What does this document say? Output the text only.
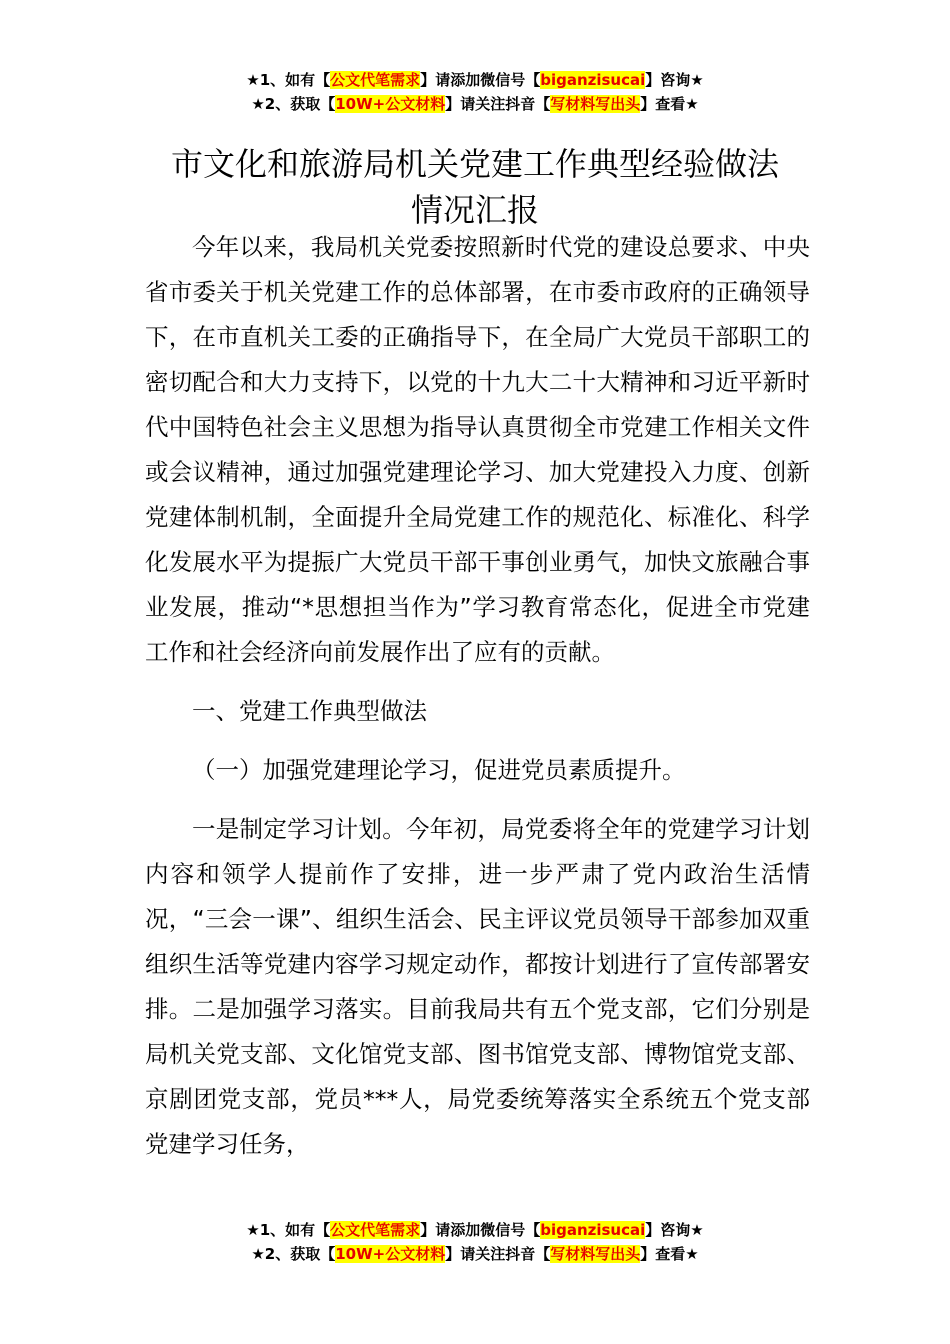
★1、如有【公文代笔需求】请添加微信号【biganzisucai】咨询★
★2、获取【10W+公文材料】请关注抖音【写材料写出头】查看★
市文化和旅游局机关党建工作典型经验做法
情况汇报

今年以来，我局机关党委按照新时代党的建设总要求、中央省市委关于机关党建工作的总体部署，在市委市政府的正确领导下，在市直机关工委的正确指导下，在全局广大党员干部职工的密切配合和大力支持下，以党的十九大二十大精神和习近平新时代中国特色社会主义思想为指导认真贯彻全市党建工作相关文件或会议精神，通过加强党建理论学习、加大党建投入力度、创新党建体制机制，全面提升全局党建工作的规范化、标准化、科学化发展水平为提振广大党员干部干事创业勇气，加快文旅融合事业发展，推动“*思想担当作为”学习教育常态化，促进全市党建工作和社会经济向前发展作出了应有的贡献。

一、党建工作典型做法

（一）加强党建理论学习，促进党员素质提升。

一是制定学习计划。今年初，局党委将全年的党建学习计划内容和领学人提前作了安排，进一步严肃了党内政治生活情况，“三会一课”、组织生活会、民主评议党员领导干部参加双重组织生活等党建内容学习规定动作，都按计划进行了宣传部署安排。二是加强学习落实。目前我局共有五个党支部，它们分别是局机关党支部、文化馆党支部、图书馆党支部、博物馆党支部、京剧团党支部，党员***人，局党委统筹落实全系统五个党支部党建学习任务，

★1、如有【公文代笔需求】请添加微信号【biganzisucai】咨询★
★2、获取【10W+公文材料】请关注抖音【写材料写出头】查看★
